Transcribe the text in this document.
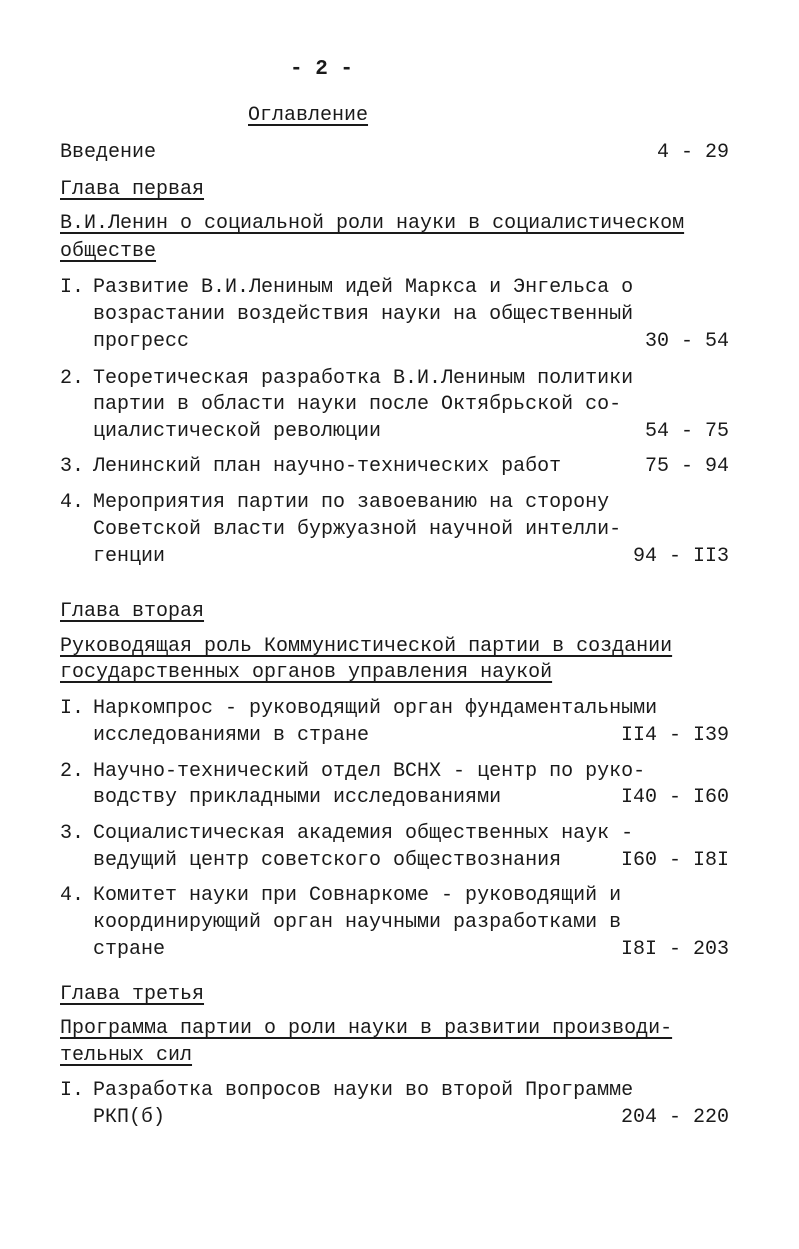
- 2 -
Оглавление
Введение	4 - 29
Глава первая
В.И.Ленин о социальной роли науки в социалистическом
обществе
I. Развитие В.И.Лениным идей Маркса и Энгельса о
возрастании воздействия науки на общественный
прогресс	30 - 54
2. Теоретическая разработка В.И.Лениным политики
партии в области науки после Октябрьской со-
циалистической революции	54 - 75
3. Ленинский план научно-технических работ	75 - 94
4. Мероприятия партии по завоеванию на сторону
Советской власти буржуазной научной интелли-
генции	94 - II3
Глава вторая
Руководящая роль Коммунистической партии в создании
государственных органов управления наукой
I. Наркомпрос - руководящий орган фундаментальными
исследованиями в стране	II4 - I39
2. Научно-технический отдел ВСНХ - центр по руко-
водству прикладными исследованиями	I40 - I60
3. Социалистическая академия общественных наук -
ведущий центр советского обществознания	I60 - I8I
4. Комитет науки при Совнаркоме - руководящий и
координирующий орган научными разработками в
стране	I8I - 203
Глава третья
Программа партии о роли науки в развитии производи-
тельных сил
I. Разработка вопросов науки во второй Программе
РКП(б)	204 - 220
